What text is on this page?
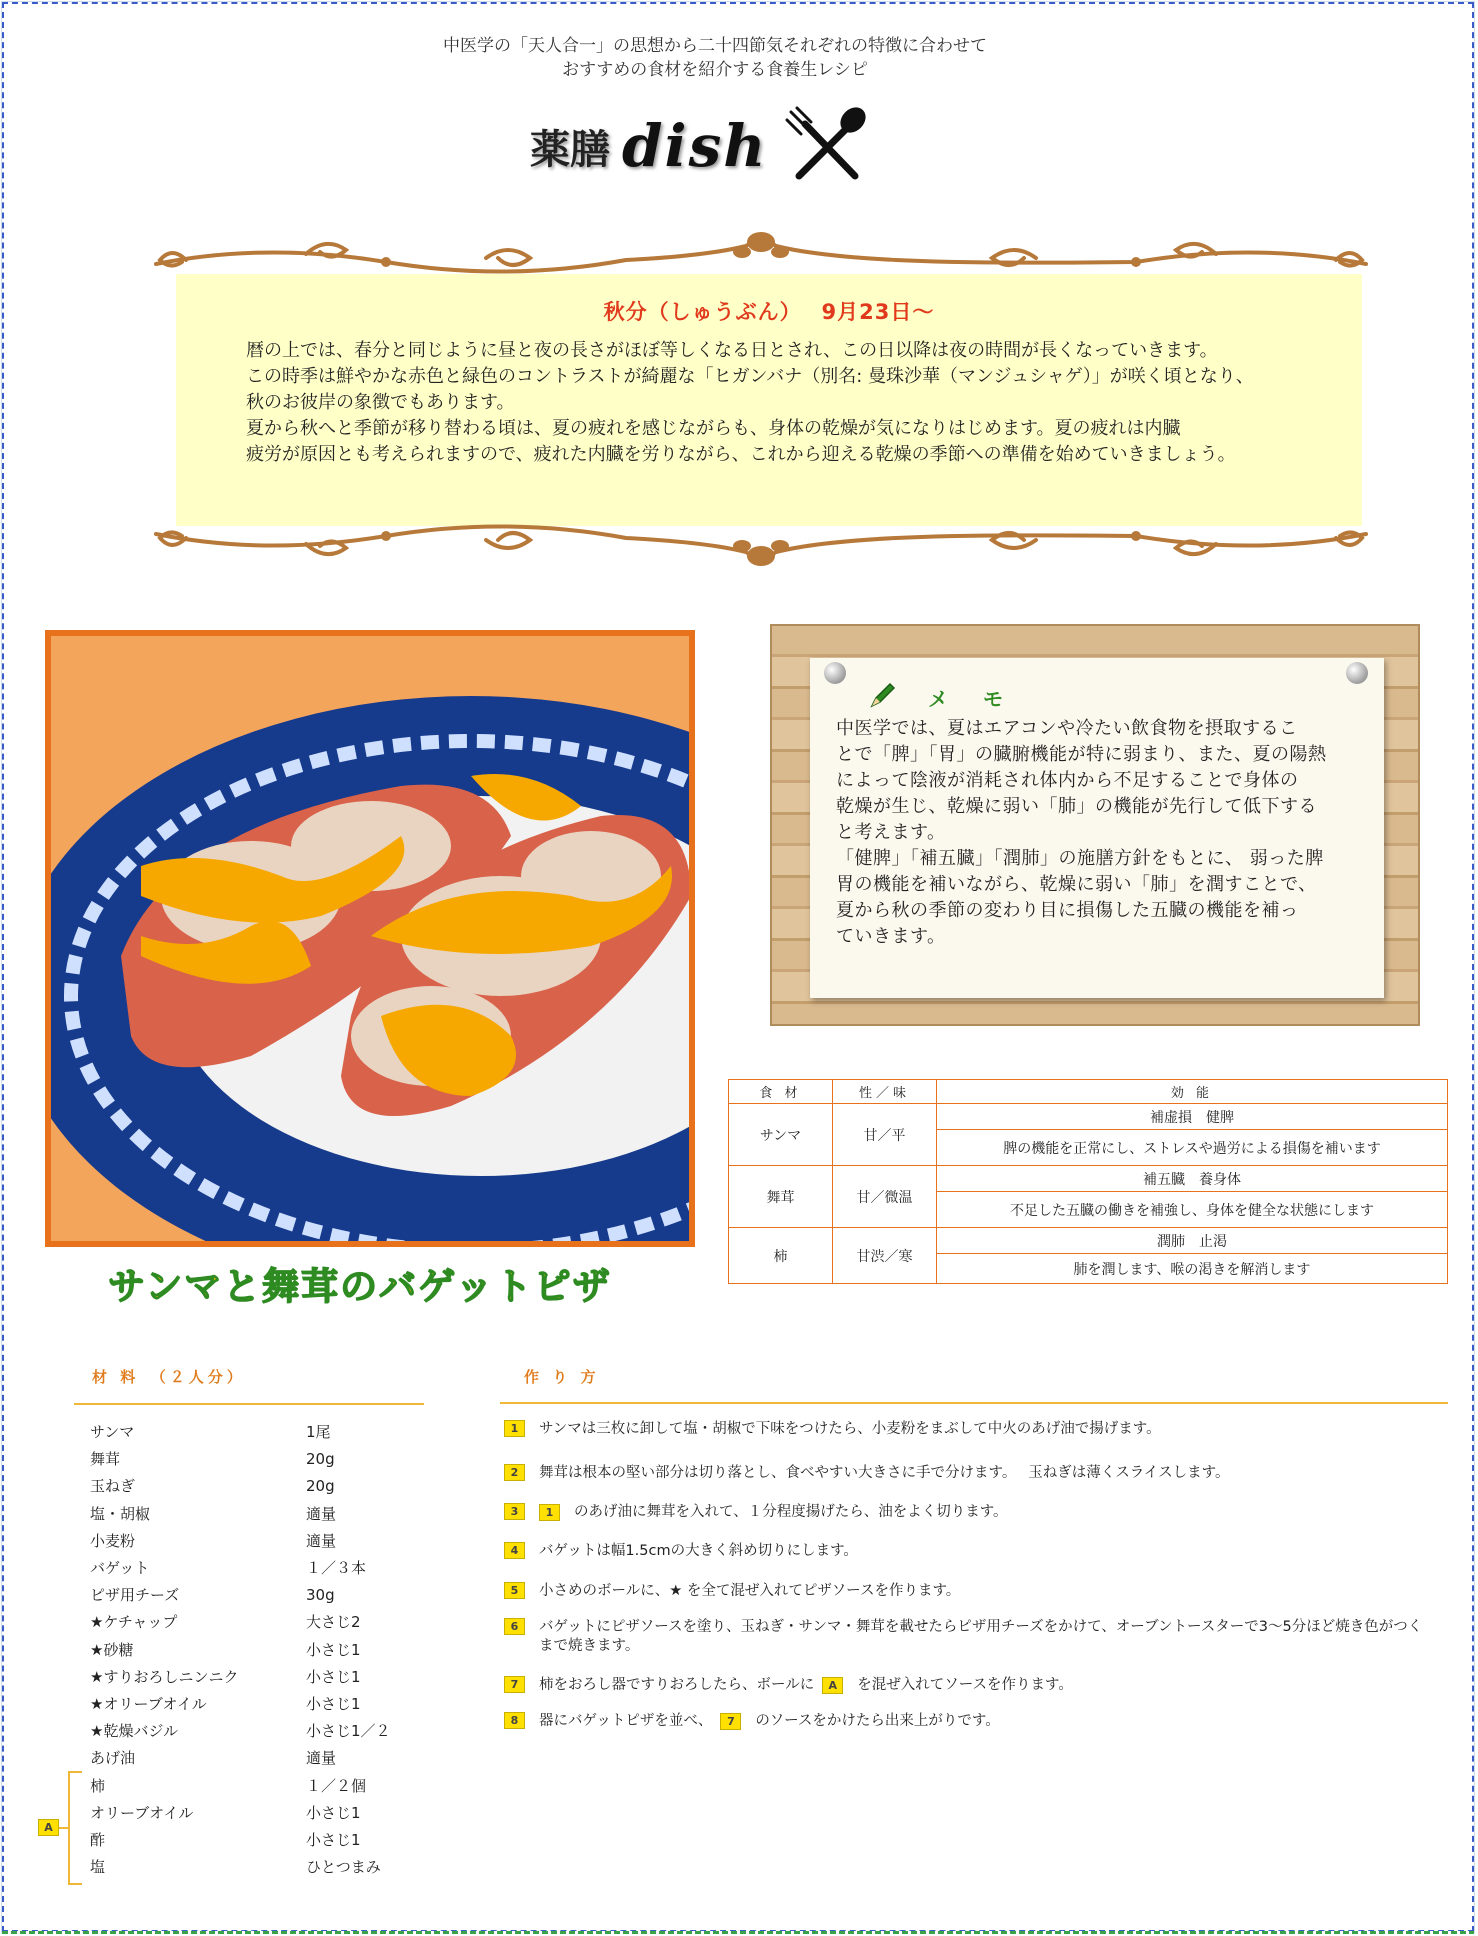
中医学の「天人合一」の思想から二十四節気それぞれの特徴に合わせて
おすすめの食材を紹介する食養生レシピ
薬膳 dish
秋分（しゅうぶん）　 9月23日～

暦の上では、春分と同じように昼と夜の長さがほぼ等しくなる日とされ、この日以降は夜の時間が長くなっていきます。

この時季は鮮やかな赤色と緑色のコントラストが綺麗な「ヒガンバナ（別名: 曼珠沙華（マンジュシャゲ）」が咲く頃となり、

秋のお彼岸の象徴でもあります。

夏から秋へと季節が移り替わる頃は、夏の疲れを感じながらも、身体の乾燥が気になりはじめます。夏の疲れは内臓

疲労が原因とも考えられますので、疲れた内臓を労りながら、これから迎える乾燥の季節への準備を始めていきましょう。

サンマと舞茸のバゲットピザ
メ モ

中医学では、夏はエアコンや冷たい飲食物を摂取するこ

とで「脾」「胃」の臓腑機能が特に弱まり、また、夏の陽熱

によって陰液が消耗され体内から不足することで身体の

乾燥が生じ、乾燥に弱い「肺」の機能が先行して低下する

と考えます。

「健脾」「補五臓」「潤肺」の施膳方針をもとに、 弱った脾

胃の機能を補いながら、乾燥に弱い「肺」を潤すことで、

夏から秋の季節の変わり目に損傷した五臓の機能を補っ

ていきます。

食 材	性／味	効 能
サンマ	甘／平	補虚損　健脾
		脾の機能を正常にし、ストレスや過労による損傷を補います
舞茸	甘／微温	補五臓　養身体
		不足した五臓の働きを補強し、身体を健全な状態にします
柿	甘渋／寒	潤肺　止渇
		肺を潤します、喉の渇きを解消します
材 料　（２人分）
サンマ	1尾
舞茸	20g
玉ねぎ	20g
塩・胡椒	適量
小麦粉	適量
バゲット	１／３本
ピザ用チーズ	30g
★ケチャップ	大さじ2
★砂糖	小さじ1
★すりおろしニンニク	小さじ1
★オリーブオイル	小さじ1
★乾燥バジル	小さじ1／２
あげ油	適量
柿	１／２個
オリーブオイル	小さじ1
酢	小さじ1
塩	ひとつまみ
A
作 り 方
1	サンマは三枚に卸して塩・胡椒で下味をつけたら、小麦粉をまぶして中火のあげ油で揚げます。
2	舞茸は根本の堅い部分は切り落とし、食べやすい大きさに手で分けます。　 玉ねぎは薄くスライスします。
3	1 のあげ油に舞茸を入れて、１分程度揚げたら、油をよく切ります。
4	バゲットは幅1.5cmの大きく斜め切りにします。
5	小さめのボールに、★ を全て混ぜ入れてピザソースを作ります。
6	バゲットにピザソースを塗り、玉ねぎ・サンマ・舞茸を載せたらピザ用チーズをかけて、オーブントースターで3～5分ほど焼き色がつく
まで焼きます。
7	柿をおろし器ですりおろしたら、ボールに A を混ぜ入れてソースを作ります。
8	器にバゲットピザを並べ、 7 のソースをかけたら出来上がりです。
